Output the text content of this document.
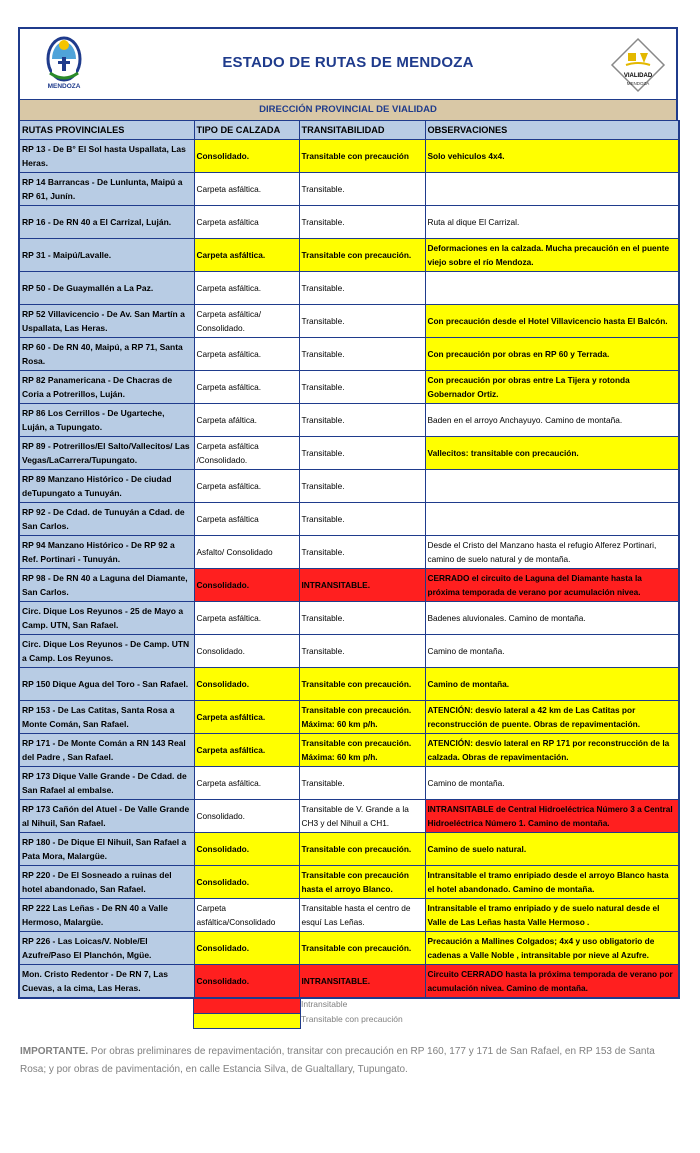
MENDOZA
ESTADO DE RUTAS DE MENDOZA
VIALIDAD
MENDOZA
DIRECCIÓN PROVINCIAL DE VIALIDAD
RUTAS PROVINCIALES	TIPO DE CALZADA	TRANSITABILIDAD	OBSERVACIONES
RP 13 - De B° El Sol hasta Uspallata, Las Heras.	Consolidado.	Transitable con precaución	Solo vehiculos 4x4.
RP 14 Barrancas - De Lunlunta, Maipú a RP 61, Junín.	Carpeta asfáltica.	Transitable.	
RP 16 - De RN 40 a El Carrizal, Luján.	Carpeta asfáltica	Transitable.	Ruta al dique El Carrizal.
RP 31 - Maipú/Lavalle.	Carpeta asfáltica.	Transitable con precaución.	Deformaciones en la calzada. Mucha precaución en el puente viejo sobre el río Mendoza.
RP 50 - De Guaymallén a La Paz.	Carpeta asfáltica.	Transitable.	
RP 52 Villavicencio - De Av. San Martín a Uspallata, Las Heras.	Carpeta asfáltica/ Consolidado.	Transitable.	Con precaución desde el Hotel Villavicencio hasta El Balcón.
RP 60 - De RN 40, Maipú, a RP 71, Santa Rosa.	Carpeta asfáltica.	Transitable.	Con precaución por obras en RP 60 y Terrada.
RP 82 Panamericana - De Chacras de Coria a Potrerillos, Luján.	Carpeta asfáltica.	Transitable.	Con precaución por obras entre La Tijera y rotonda Gobernador Ortiz.
RP 86 Los Cerrillos - De Ugarteche, Luján, a Tupungato.	Carpeta afáltica.	Transitable.	Baden en el arroyo Anchayuyo. Camino de montaña.
RP 89 - Potrerillos/El Salto/Vallecitos/ Las Vegas/LaCarrera/Tupungato.	Carpeta asfáltica /Consolidado.	Transitable.	Vallecitos: transitable con precaución.
RP 89 Manzano Histórico - De ciudad deTupungato a Tunuyán.	Carpeta asfáltica.	Transitable.	
RP 92 - De Cdad. de Tunuyán a Cdad. de San Carlos.	Carpeta asfáltica	Transitable.	
RP 94 Manzano Histórico - De RP 92 a Ref. Portinari - Tunuyán.	Asfalto/ Consolidado	Transitable.	Desde el Cristo del Manzano hasta el refugio Alferez Portinari, camino de suelo natural y de montaña.
RP 98 - De RN 40 a Laguna del Diamante, San Carlos.	Consolidado.	INTRANSITABLE.	CERRADO el circuito de Laguna del Diamante hasta la próxima temporada de verano por acumulación nivea.
Circ. Dique Los Reyunos - 25 de Mayo a Camp. UTN, San Rafael.	Carpeta asfáltica.	Transitable.	Badenes aluvionales. Camino de montaña.
Circ. Dique Los Reyunos - De Camp. UTN a Camp. Los Reyunos.	Consolidado.	Transitable.	Camino de montaña.
RP 150 Dique Agua del Toro - San Rafael.	Consolidado.	Transitable con precaución.	Camino de montaña.
RP 153 - De Las Catitas, Santa Rosa a Monte Comán, San Rafael.	Carpeta asfáltica.	Transitable con precaución. Máxima: 60 km p/h.	ATENCIÓN: desvío lateral a 42 km de Las Catitas por reconstrucción de puente. Obras de repavimentación.
RP 171 - De Monte Comán a RN 143 Real del Padre , San Rafael.	Carpeta asfáltica.	Transitable con precaución. Máxima: 60 km p/h.	ATENCIÓN: desvío lateral en RP 171 por reconstrucción de la calzada. Obras de repavimentación.
RP 173 Dique Valle Grande - De Cdad. de San Rafael al embalse.	Carpeta asfáltica.	Transitable.	Camino de montaña.
RP 173 Cañón del Atuel - De Valle Grande al Nihuil, San Rafael.	Consolidado.	Transitable de V. Grande a la CH3 y del Nihuil a CH1.	INTRANSITABLE de Central Hidroeléctrica Número 3 a Central Hidroeléctrica Número 1. Camino de montaña.
RP 180 - De Dique El Nihuil, San Rafael a Pata Mora, Malargüe.	Consolidado.	Transitable con precaución.	Camino de suelo natural.
RP 220 - De El Sosneado a ruinas del hotel abandonado, San Rafael.	Consolidado.	Transitable con precaución hasta el arroyo Blanco.	Intransitable el tramo enripiado desde el arroyo Blanco hasta el hotel abandonado. Camino de montaña.
RP 222 Las Leñas - De RN 40 a Valle Hermoso, Malargüe.	Carpeta asfáltica/Consolidado	Transitable hasta el centro de esquí Las Leñas.	Intransitable el tramo enripiado y de suelo natural desde el Valle de Las Leñas hasta Valle Hermoso .
RP 226 - Las Loicas/V. Noble/El Azufre/Paso El Planchón, Mgüe.	Consolidado.	Transitable con precaución.	Precaución a Mallines Colgados; 4x4 y uso obligatorio de cadenas a Valle Noble , intransitable por nieve al Azufre.
Mon. Cristo Redentor - De RN 7, Las Cuevas, a la cima, Las Heras.	Consolidado.	INTRANSITABLE.	Circuito CERRADO hasta la próxima temporada de verano por acumulación nivea. Camino de montaña.
Intransitable
Transitable con precaución
IMPORTANTE. Por obras preliminares de repavimentación, transitar con precaución en RP 160, 177 y 171 de San Rafael, en RP 153 de Santa Rosa; y por obras de pavimentación, en calle Estancia Silva, de Gualtallary, Tupungato.
